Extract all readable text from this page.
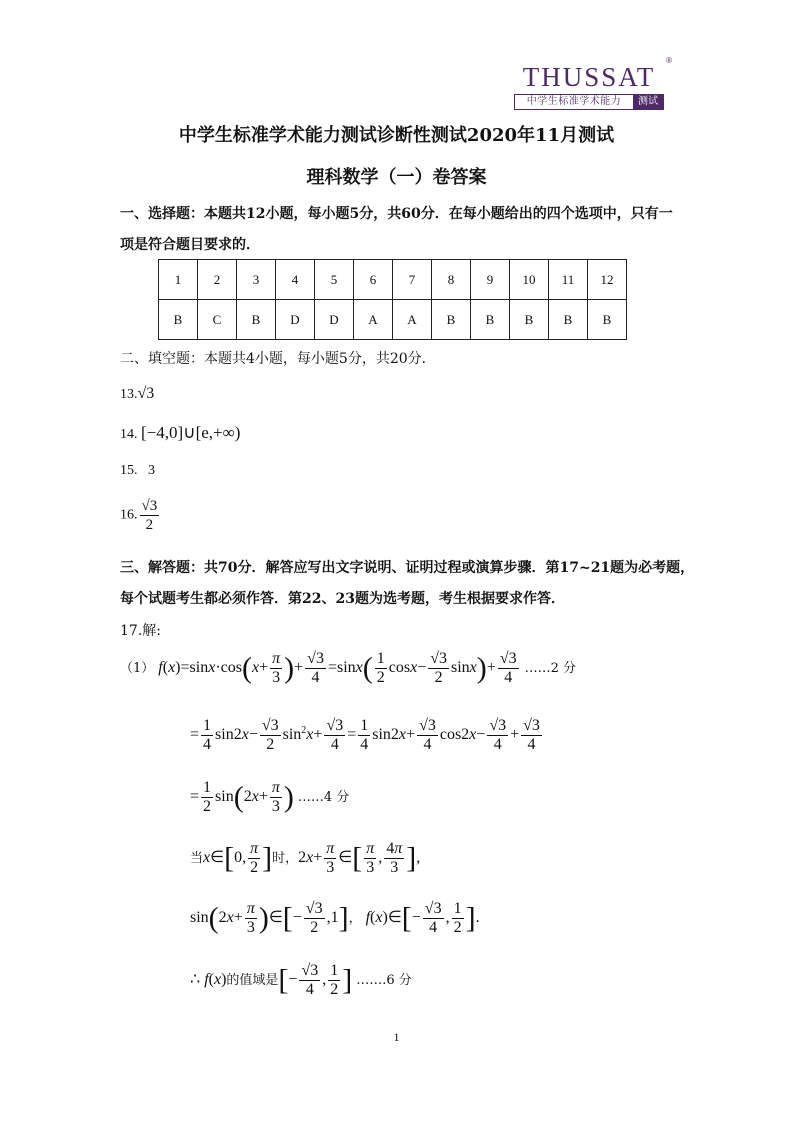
THUSSAT
®
中学生标准学术能力	测试
中学生标准学术能力测试诊断性测试2020年11月测试
理科数学（一）卷答案
一、选择题：本题共12小题，每小题5分，共60分．在每小题给出的四个选项中，只有一
项是符合题目要求的．
1	2	3	4	5	6	7	8	9	10	11	12
B	C	B	D	D	A	A	B	B	B	B	B
二、填空题：本题共4小题，每小题5分，共20分．
13.√3
14. [−4,0]∪[e,+∞)
15. 3
16. $\frac{√3}{2}$
三、解答题：共70分．解答应写出文字说明、证明过程或演算步骤．第17~21题为必考题，
每个试题考生都必须作答．第22、23题为选考题，考生根据要求作答．
17.解:
（1） $f(x)=\sin x\cdot\cos(x+ \frac{\pi}{3}$ )+ $\frac{√3}{4} =\sin x( \frac{1}{2} \cos x- \frac{√3}{2} \sin x)+ \frac{√3}{4}$ ……2 分
= $\frac{1}{4} \sin 2x- \frac{√3}{2} \sin^2x+ \frac{√3}{4} = \frac{1}{4} \sin 2x+ \frac{√3}{4} \cos 2x- \frac{√3}{4} + \frac{√3}{4}$
= $\frac{1}{2} \sin(2x+ \frac{\pi}{3}$ ) ……4 分
当x∈[0, $\frac{\pi}{2}$ ]时，$2x+ \frac{\pi}{3}$ ∈[ $\frac{\pi}{3}$ , $\frac{4\pi}{3}$ ],
$\sin(2x+ \frac{\pi}{3}$ )∈[− $\frac{√3}{2} ,1$]， f(x)∈[− $\frac{√3}{4}$ , $\frac{1}{2}$ ].
∴ f(x)的值域是[− $\frac{√3}{4}$ , $\frac{1}{2}$ ] …….6 分
1
